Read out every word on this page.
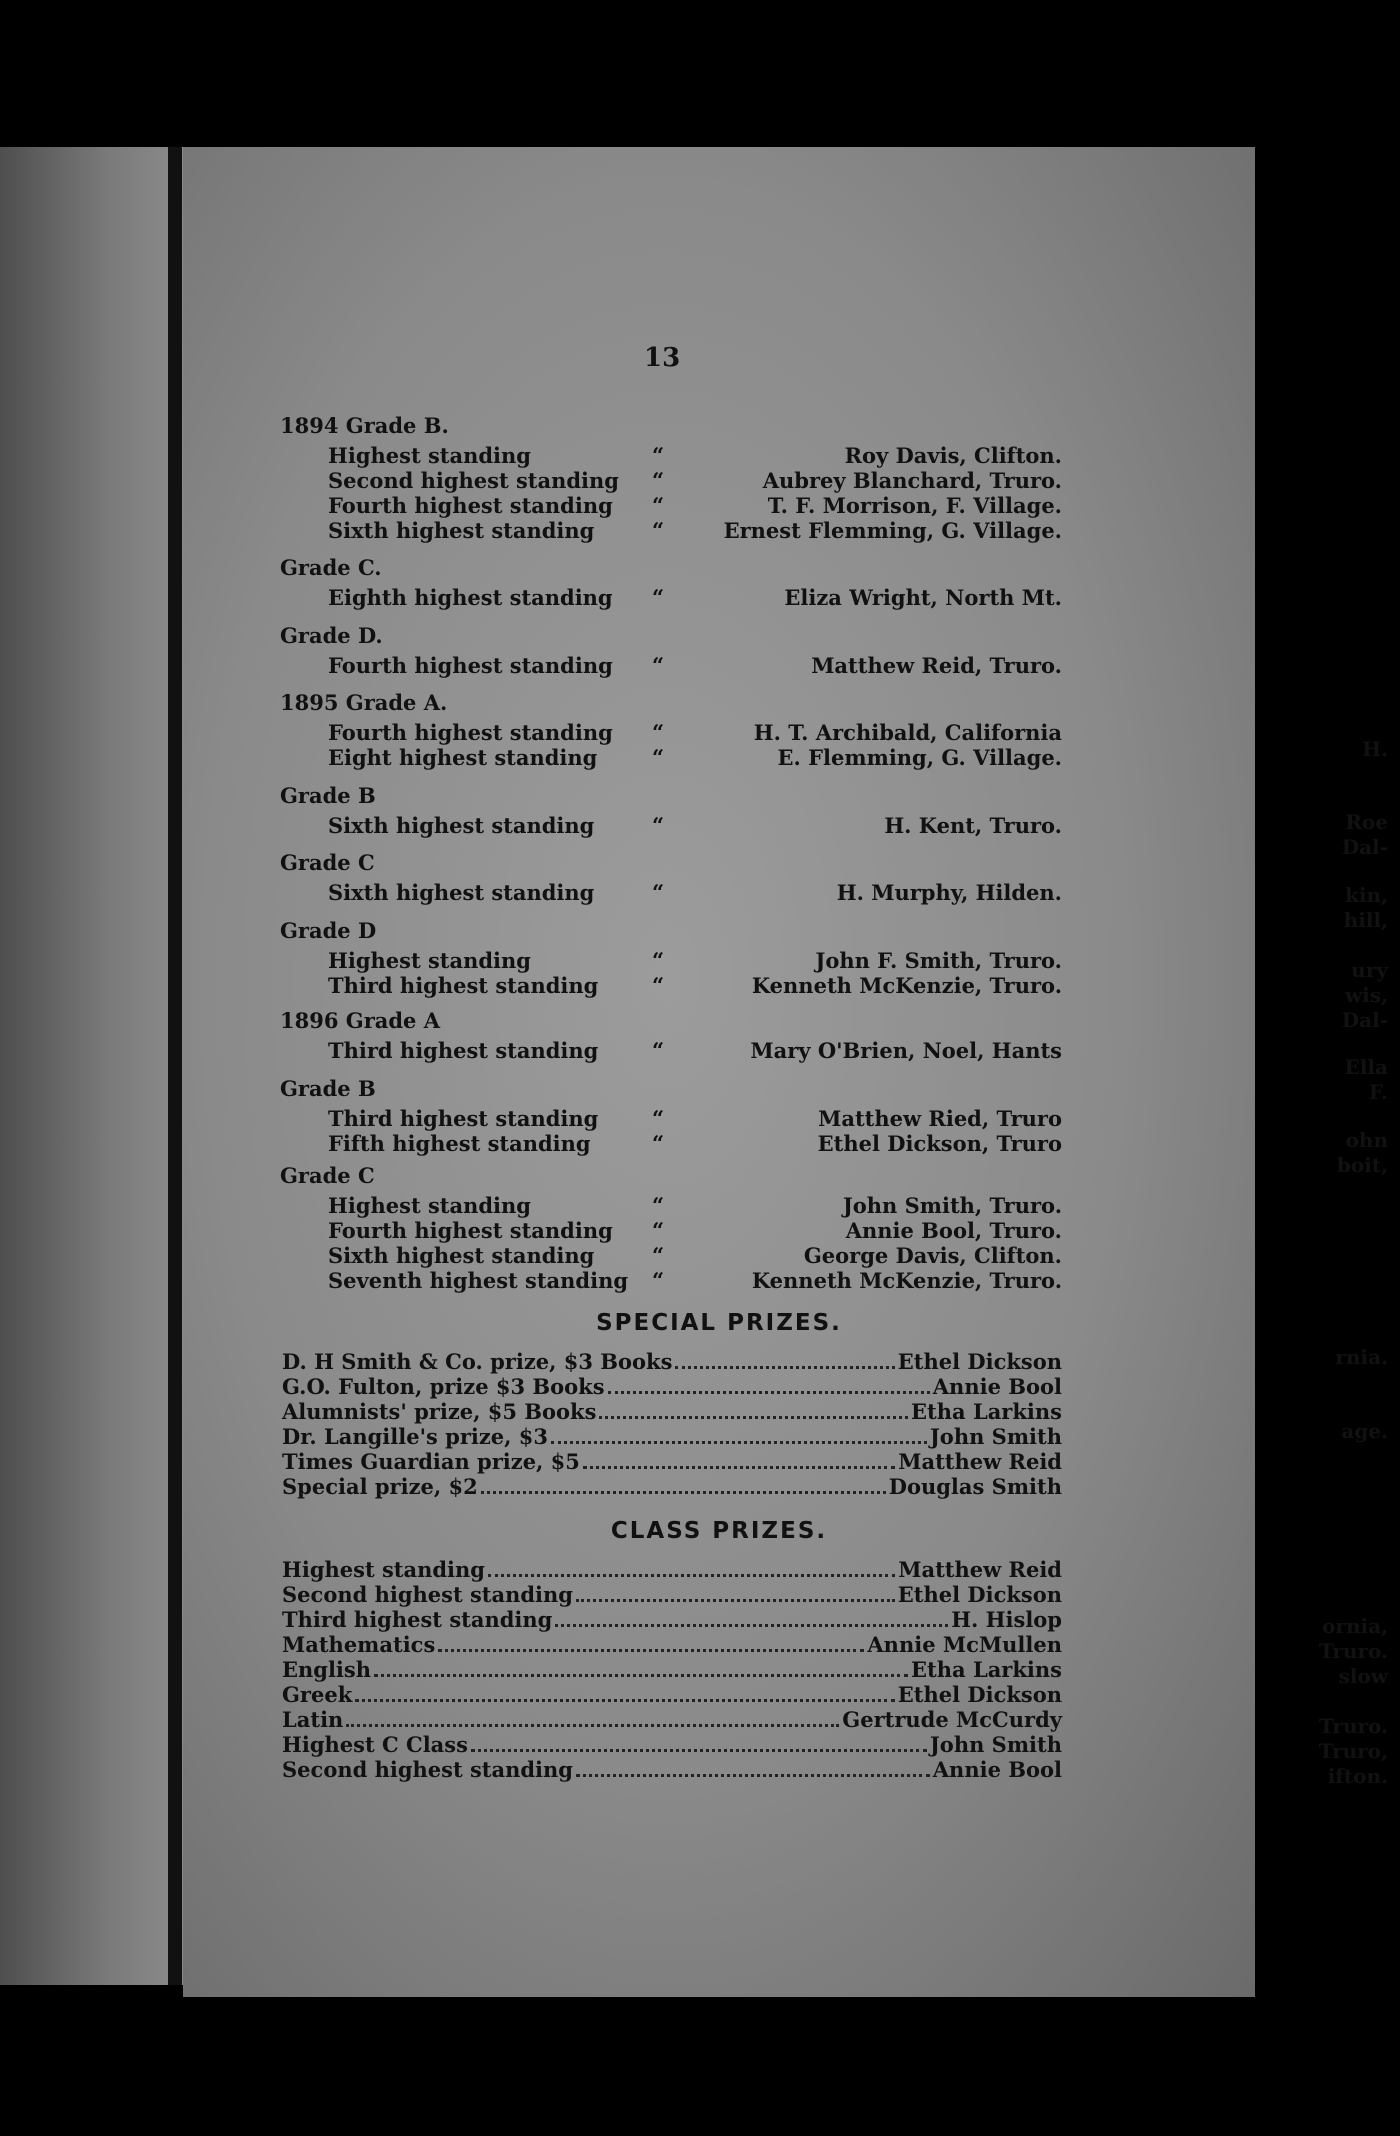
13
H.
Roe
Dal-
kin,
hill,
ury
wis,
Dal-
Ella
F.
ohn
boit,
rnia.
age.
ornia,
Truro.
slow
Truro.
Truro,
ifton.
1894 Grade B.
Highest standing	“	Roy Davis, Clifton.
Second highest standing “	Aubrey Blanchard, Truro.
Fourth highest standing “	T. F. Morrison, F. Village.
Sixth highest standing	“	Ernest Flemming, G. Village.
Grade C.
Eighth highest standing “	Eliza Wright, North Mt.
Grade D.
Fourth highest standing “	Matthew Reid, Truro.
1895 Grade A.
Fourth highest standing “	H. T. Archibald, California
Eight highest standing	“	E. Flemming, G. Village.
Grade B
Sixth highest standing	“	H. Kent, Truro.
Grade C
Sixth highest standing	“	H. Murphy, Hilden.
Grade D
Highest standing	“	John F. Smith, Truro.
Third highest standing	“	Kenneth McKenzie, Truro.
1896 Grade A
Third highest standing	“	Mary O'Brien, Noel, Hants
Grade B
Third highest standing	“	Matthew Ried, Truro
Fifth highest standing	“	Ethel Dickson, Truro
Grade C
Highest standing	“	John Smith, Truro.
Fourth highest standing “	Annie Bool, Truro.
Sixth highest standing	“	George Davis, Clifton.
Seventh highest standing “	Kenneth McKenzie, Truro.
SPECIAL PRIZES.
D. H Smith & Co. prize, $3 Books	Ethel Dickson
G.O. Fulton, prize $3 Books	Annie Bool
Alumnists' prize, $5 Books	Etha Larkins
Dr. Langille's prize, $3	John Smith
Times Guardian prize, $5	Matthew Reid
Special prize, $2	Douglas Smith
CLASS PRIZES.
Highest standing	Matthew Reid
Second highest standing	Ethel Dickson
Third highest standing	H. Hislop
Mathematics	Annie McMullen
English	Etha Larkins
Greek	Ethel Dickson
Latin	Gertrude McCurdy
Highest C Class	John Smith
Second highest standing	Annie Bool
